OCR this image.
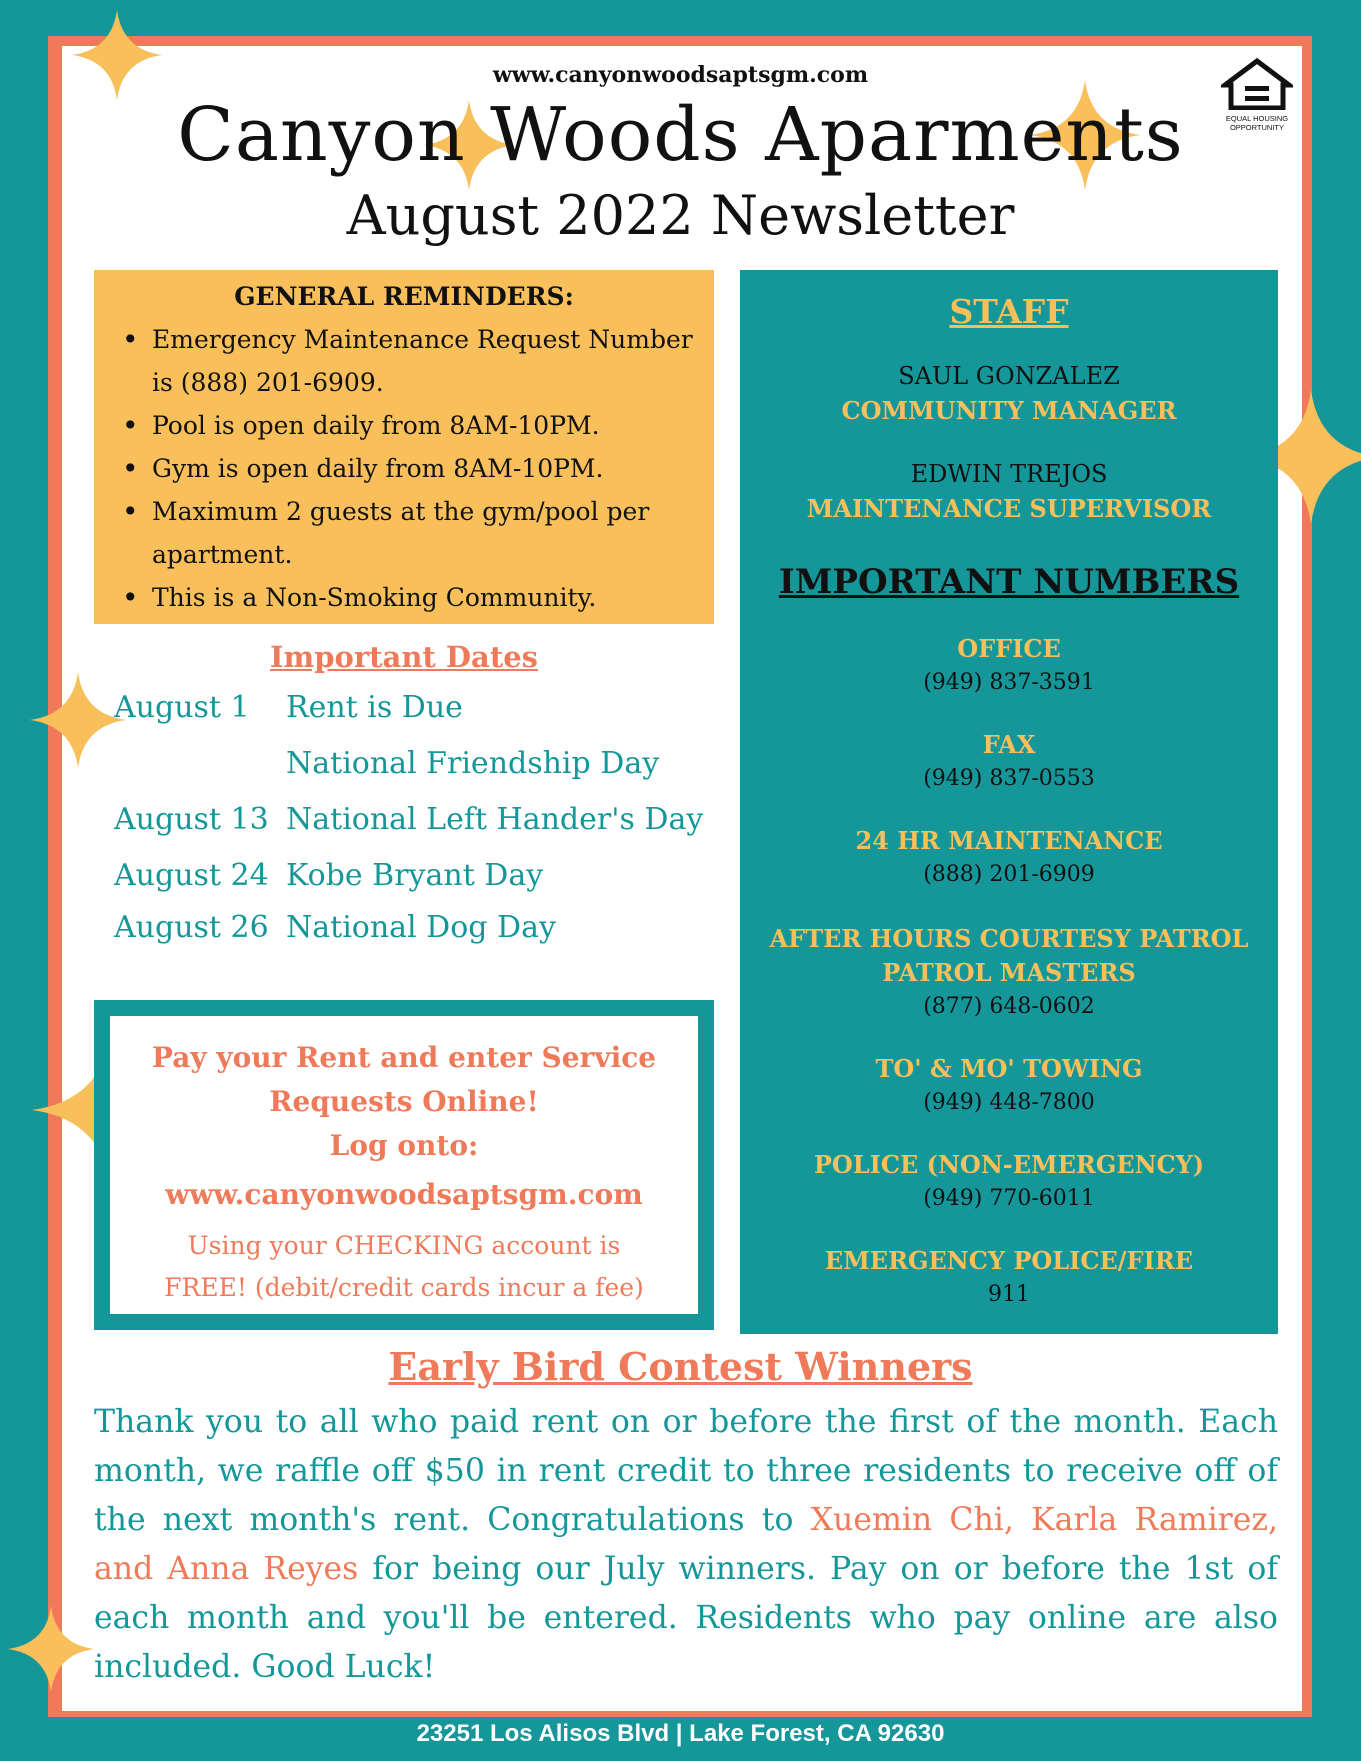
www.canyonwoodsaptsgm.com
Canyon Woods Aparments
August 2022 Newsletter
EQUAL HOUSING
OPPORTUNITY
GENERAL REMINDERS:
• Emergency Maintenance Request Number is (888) 201-6909.
• Pool is open daily from 8AM-10PM.
• Gym is open daily from 8AM-10PM.
• Maximum 2 guests at the gym/pool per apartment.
• This is a Non-Smoking Community.
Important Dates
August 1	Rent is Due
National Friendship Day
August 13 National Left Hander's Day
August 24 Kobe Bryant Day
August 26 National Dog Day
Pay your Rent and enter Service
Requests Online!
Log onto:
www.canyonwoodsaptsgm.com
Using your CHECKING account is
FREE! (debit/credit cards incur a fee)
STAFF
SAUL GONZALEZ
COMMUNITY MANAGER
EDWIN TREJOS
MAINTENANCE SUPERVISOR
IMPORTANT NUMBERS
OFFICE
(949) 837-3591
FAX
(949) 837-0553
24 HR MAINTENANCE
(888) 201-6909
AFTER HOURS COURTESY PATROL
PATROL MASTERS
(877) 648-0602
TO' & MO' TOWING
(949) 448-7800
POLICE (NON-EMERGENCY)
(949) 770-6011
EMERGENCY POLICE/FIRE
911
Early Bird Contest Winners
Thank you to all who paid rent on or before the first of the month. Each month, we raffle off $50 in rent credit to three residents to receive off of the next month's rent. Congratulations to Xuemin Chi, Karla Ramirez, and Anna Reyes for being our July winners. Pay on or before the 1st of each month and you'll be entered. Residents who pay online are also included. Good Luck!
23251 Los Alisos Blvd | Lake Forest, CA 92630
